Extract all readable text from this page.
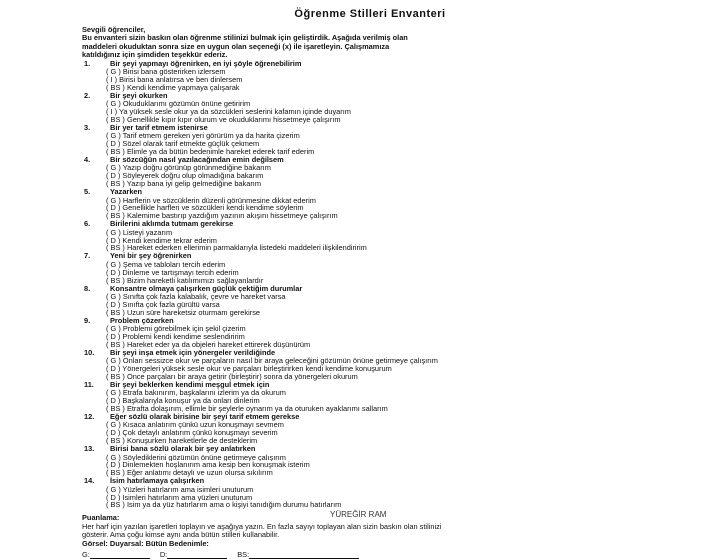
Öğrenme Stilleri Envanteri
Sevgili öğrenciler,
Bu envanteri sizin baskın olan öğrenme stilinizi bulmak için geliştirdik. Aşağıda verilmiş olan
maddeleri okuduktan sonra size en uygun olan seçeneği (x) ile işaretleyin. Çalışmamıza
katıldığınız için şimdiden teşekkür ederiz.
1.	Bir şeyi yapmayı öğrenirken, en iyi şöyle öğrenebilirim
( G ) Birisi bana gösterirken izlersem
( I ) Birisi bana anlatırsa ve ben dinlersem
( BS ) Kendi kendime yapmaya çalışarak
2.	Bir şeyi okurken
( G ) Okuduklarımı gözümün önüne getiririm
( I ) Ya yüksek sesle okur ya da sözcükleri seslerini kafamın içinde duyarım
( BS ) Genellikle kıpır kıpır olurum ve okuduklarımı hissetmeye çalışırım
3.	Bir yer tarif etmem istenirse
( G ) Tarif etmem gereken yeri görürüm ya da harita çizerim
( D ) Sözel olarak tarif etmekte güçlük çekmem
( BS ) Elimle ya da bütün bedenimle hareket ederek tarif ederim
4.	Bir sözcüğün nasıl yazılacağından emin değilsem
( G ) Yazıp doğru görünüp görünmediğine bakarım
( D ) Söyleyerek doğru olup olmadığına bakarım
( BS ) Yazıp bana iyi gelip gelmediğine bakarım
5.	Yazarken
( G ) Harflerin ve sözcüklerin düzenli görünmesine dikkat ederim
( D ) Genellikle harfleri ve sözcükleri kendi kendime söylerim
( BS ) Kalemime bastırıp yazdığım yazının akışını hissetmeye çalışırım
6.	Birilerini aklımda tutmam gerekirse
( G ) Listeyi yazarım
( D ) Kendi kendime tekrar ederim
( BS ) Hareket ederken ellerimin parmaklarıyla listedeki maddeleri ilişkilendiririm
7.	Yeni bir şey öğrenirken
( G ) Şema ve tabloları tercih ederim
( D ) Dinleme ve tartışmayı tercih ederim
( BS ) Bizim hareketli katılımımızı sağlayanlardır
8.	Konsantre olmaya çalışırken güçlük çektiğim durumlar
( G ) Sınıfta çok fazla kalabalık, çevre ve hareket varsa
( D ) Sınıfta çok fazla gürültü varsa
( BS ) Uzun süre hareketsiz oturmam gerekirse
9.	Problem çözerken
( G ) Problemi görebilmek için şekil çizerim
( D ) Problemi kendi kendime seslendiririm
( BS ) Hareket eder ya da objeleri hareket ettirerek düşünürüm
10.	Bir şeyi inşa etmek için yönergeler verildiğinde
( G ) Onları sessizce okur ve parçaların nasıl bir araya geleceğini gözümün önüne getirmeye çalışırım
( D ) Yönergeleri yüksek sesle okur ve parçaları birleştirirken kendi kendime konuşurum
( BS ) Önce parçaları bir araya getirir (birleştirir) sonra da yönergeleri okurum
11.	Bir şeyi beklerken kendimi meşgul etmek için
( G ) Etrafa bakınırım, başkalarını izlerim ya da okurum
( D ) Başkalarıyla konuşur ya da onları dinlerim
( BS ) Etrafta dolaşırım, ellimle bir şeylerle oynarım ya da oturuken ayaklarımı sallarım
12.	Eğer sözlü olarak birisine bir şeyi tarif etmem gerekse
( G ) Kısaca anlatırım çünkü uzun konuşmayı sevmem
( D ) Çok detaylı anlatırım çünkü konuşmayı severim
( BS ) Konuşurken hareketlerle de desteklerim
13.	Birisi bana sözlü olarak bir şey anlatırken
( G ) Söylediklerini gözümün önüne getirmeye çalışırım
( D ) Dinlemekten hoşlanırım ama kesip ben konuşmak isterim
( BS ) Eğer anlatımı detaylı ve uzun olursa sıkılırım
14.	İsim hatırlamaya çalışırken
( G ) Yüzleri hatırlarım ama isimleri unuturum
( D ) İsimleri hatırlarım ama yüzleri unuturum
( BS ) İsim ya da yüz hatırlarım ama o kişiyi tanıdığım durumu hatırlarım
Puanlama:
Her harf için yazılan işaretleri toplayın ve aşağıya yazın. En fazla sayıyı toplayan alan sizin baskın olan stilinizi
gösterir. Ama çoğu kimse aynı anda bütün stilleri kullanabilir.
Görsel: Duyarsal: Bütün Bedenimle:
G:	D:	BS:
YÜREĞİR RAM
